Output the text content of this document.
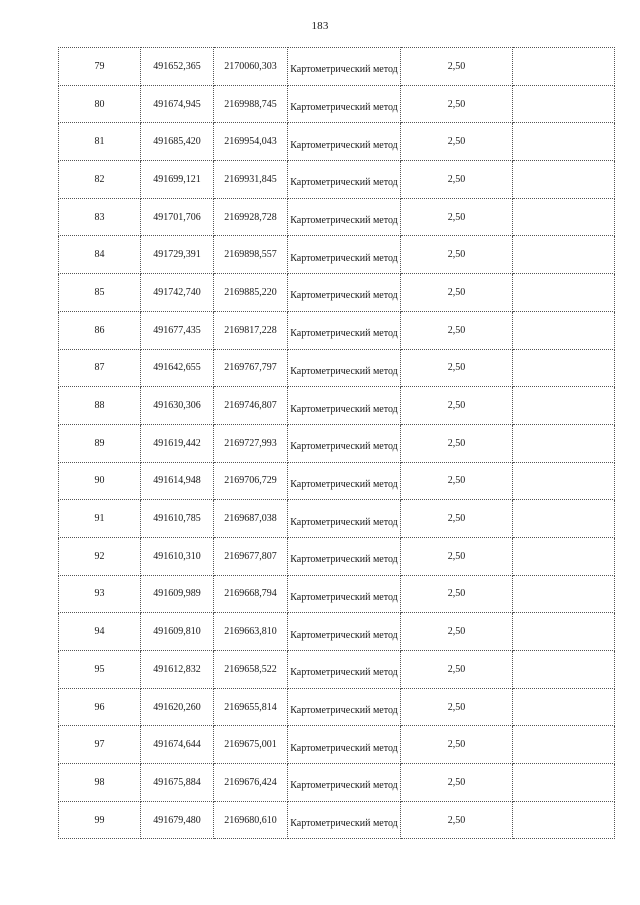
183
79	491652,365	2170060,303	Картометрический метод	2,50	
80	491674,945	2169988,745	Картометрический метод	2,50	
81	491685,420	2169954,043	Картометрический метод	2,50	
82	491699,121	2169931,845	Картометрический метод	2,50	
83	491701,706	2169928,728	Картометрический метод	2,50	
84	491729,391	2169898,557	Картометрический метод	2,50	
85	491742,740	2169885,220	Картометрический метод	2,50	
86	491677,435	2169817,228	Картометрический метод	2,50	
87	491642,655	2169767,797	Картометрический метод	2,50	
88	491630,306	2169746,807	Картометрический метод	2,50	
89	491619,442	2169727,993	Картометрический метод	2,50	
90	491614,948	2169706,729	Картометрический метод	2,50	
91	491610,785	2169687,038	Картометрический метод	2,50	
92	491610,310	2169677,807	Картометрический метод	2,50	
93	491609,989	2169668,794	Картометрический метод	2,50	
94	491609,810	2169663,810	Картометрический метод	2,50	
95	491612,832	2169658,522	Картометрический метод	2,50	
96	491620,260	2169655,814	Картометрический метод	2,50	
97	491674,644	2169675,001	Картометрический метод	2,50	
98	491675,884	2169676,424	Картометрический метод	2,50	
99	491679,480	2169680,610	Картометрический метод	2,50	
